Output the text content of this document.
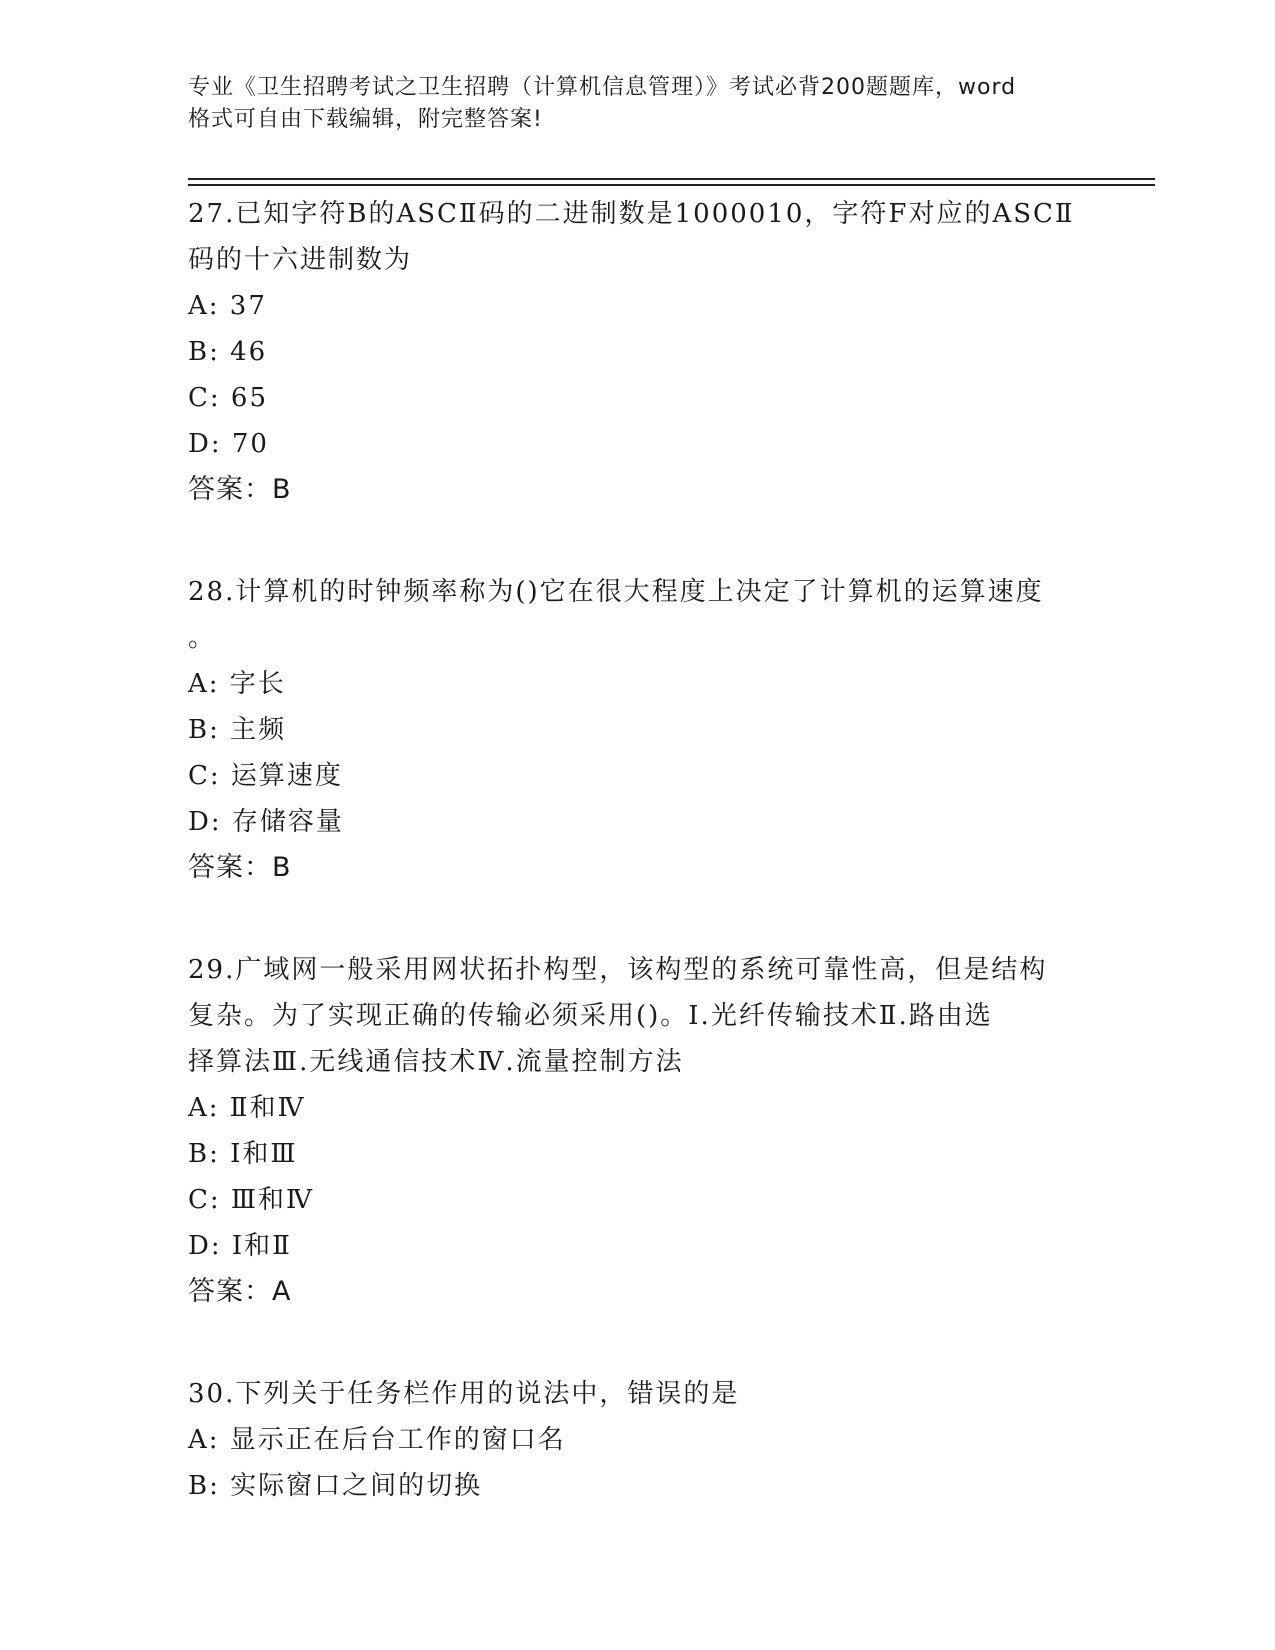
专业《卫生招聘考试之卫生招聘（计算机信息管理）》考试必背200题题库，word
格式可自由下载编辑，附完整答案!
27.已知字符B的ASCⅡ码的二进制数是1000010，字符F对应的ASCⅡ
码的十六进制数为
A: 37
B: 46
C: 65
D: 70
答案：B
28.计算机的时钟频率称为()它在很大程度上决定了计算机的运算速度
。
A: 字长
B: 主频
C: 运算速度
D: 存储容量
答案：B
29.广域网一般采用网状拓扑构型，该构型的系统可靠性高，但是结构
复杂。为了实现正确的传输必须采用()。Ⅰ.光纤传输技术Ⅱ.路由选
择算法Ⅲ.无线通信技术Ⅳ.流量控制方法
A: Ⅱ和Ⅳ
B: Ⅰ和Ⅲ
C: Ⅲ和Ⅳ
D: Ⅰ和Ⅱ
答案：A
30.下列关于任务栏作用的说法中，错误的是
A: 显示正在后台工作的窗口名
B: 实际窗口之间的切换
